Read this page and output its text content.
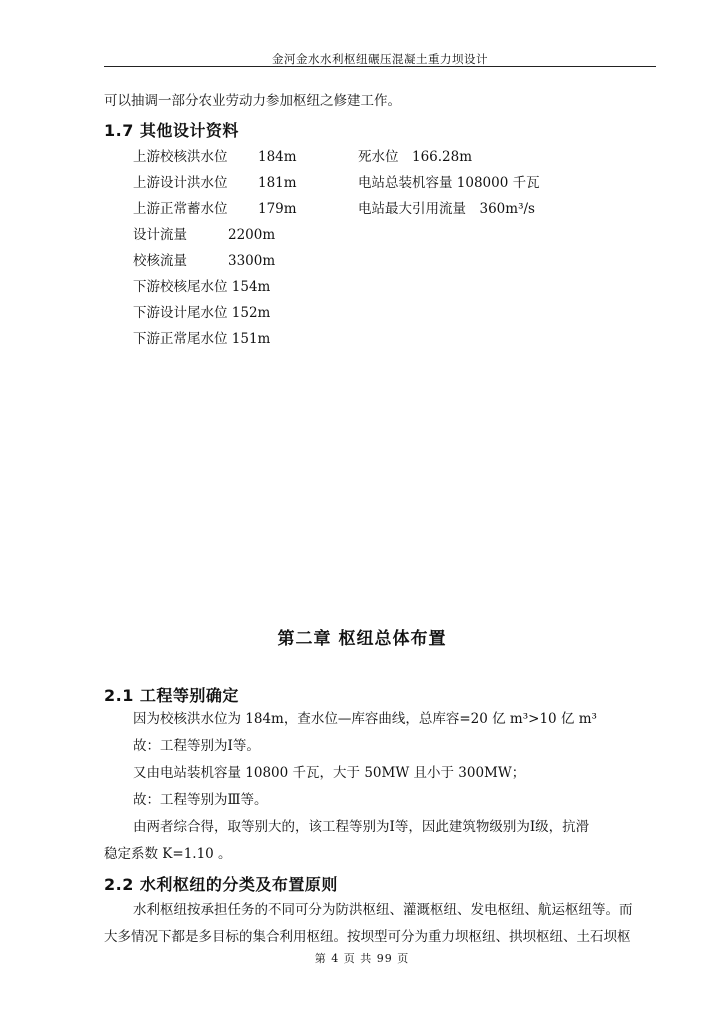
金河金水水利枢纽碾压混凝土重力坝设计
可以抽调一部分农业劳动力参加枢纽之修建工作。
1.7 其他设计资料
上游校核洪水位 184m
上游设计洪水位 181m
上游正常蓄水位 179m
设计流量	2200m
校核流量	3300m
下游校核尾水位 154m
下游设计尾水位 152m
下游正常尾水位 151m
死水位　166.28m
电站总装机容量 108000 千瓦
电站最大引用流量　360m³/s
第二章 枢纽总体布置
2.1 工程等别确定
因为校核洪水位为 184m，查水位—库容曲线，总库容=20 亿 m³>10 亿 m³
故：工程等别为Ⅰ等。
又由电站装机容量 10800 千瓦，大于 50MW 且小于 300MW；
故：工程等别为Ⅲ等。
由两者综合得，取等别大的，该工程等别为Ⅰ等，因此建筑物级别为Ⅰ级，抗滑
稳定系数 K=1.10 。
2.2 水利枢纽的分类及布置原则
水利枢纽按承担任务的不同可分为防洪枢纽、灌溉枢纽、发电枢纽、航运枢纽等。而
大多情况下都是多目标的集合利用枢纽。按坝型可分为重力坝枢纽、拱坝枢纽、土石坝枢
第 4 页 共 99 页
